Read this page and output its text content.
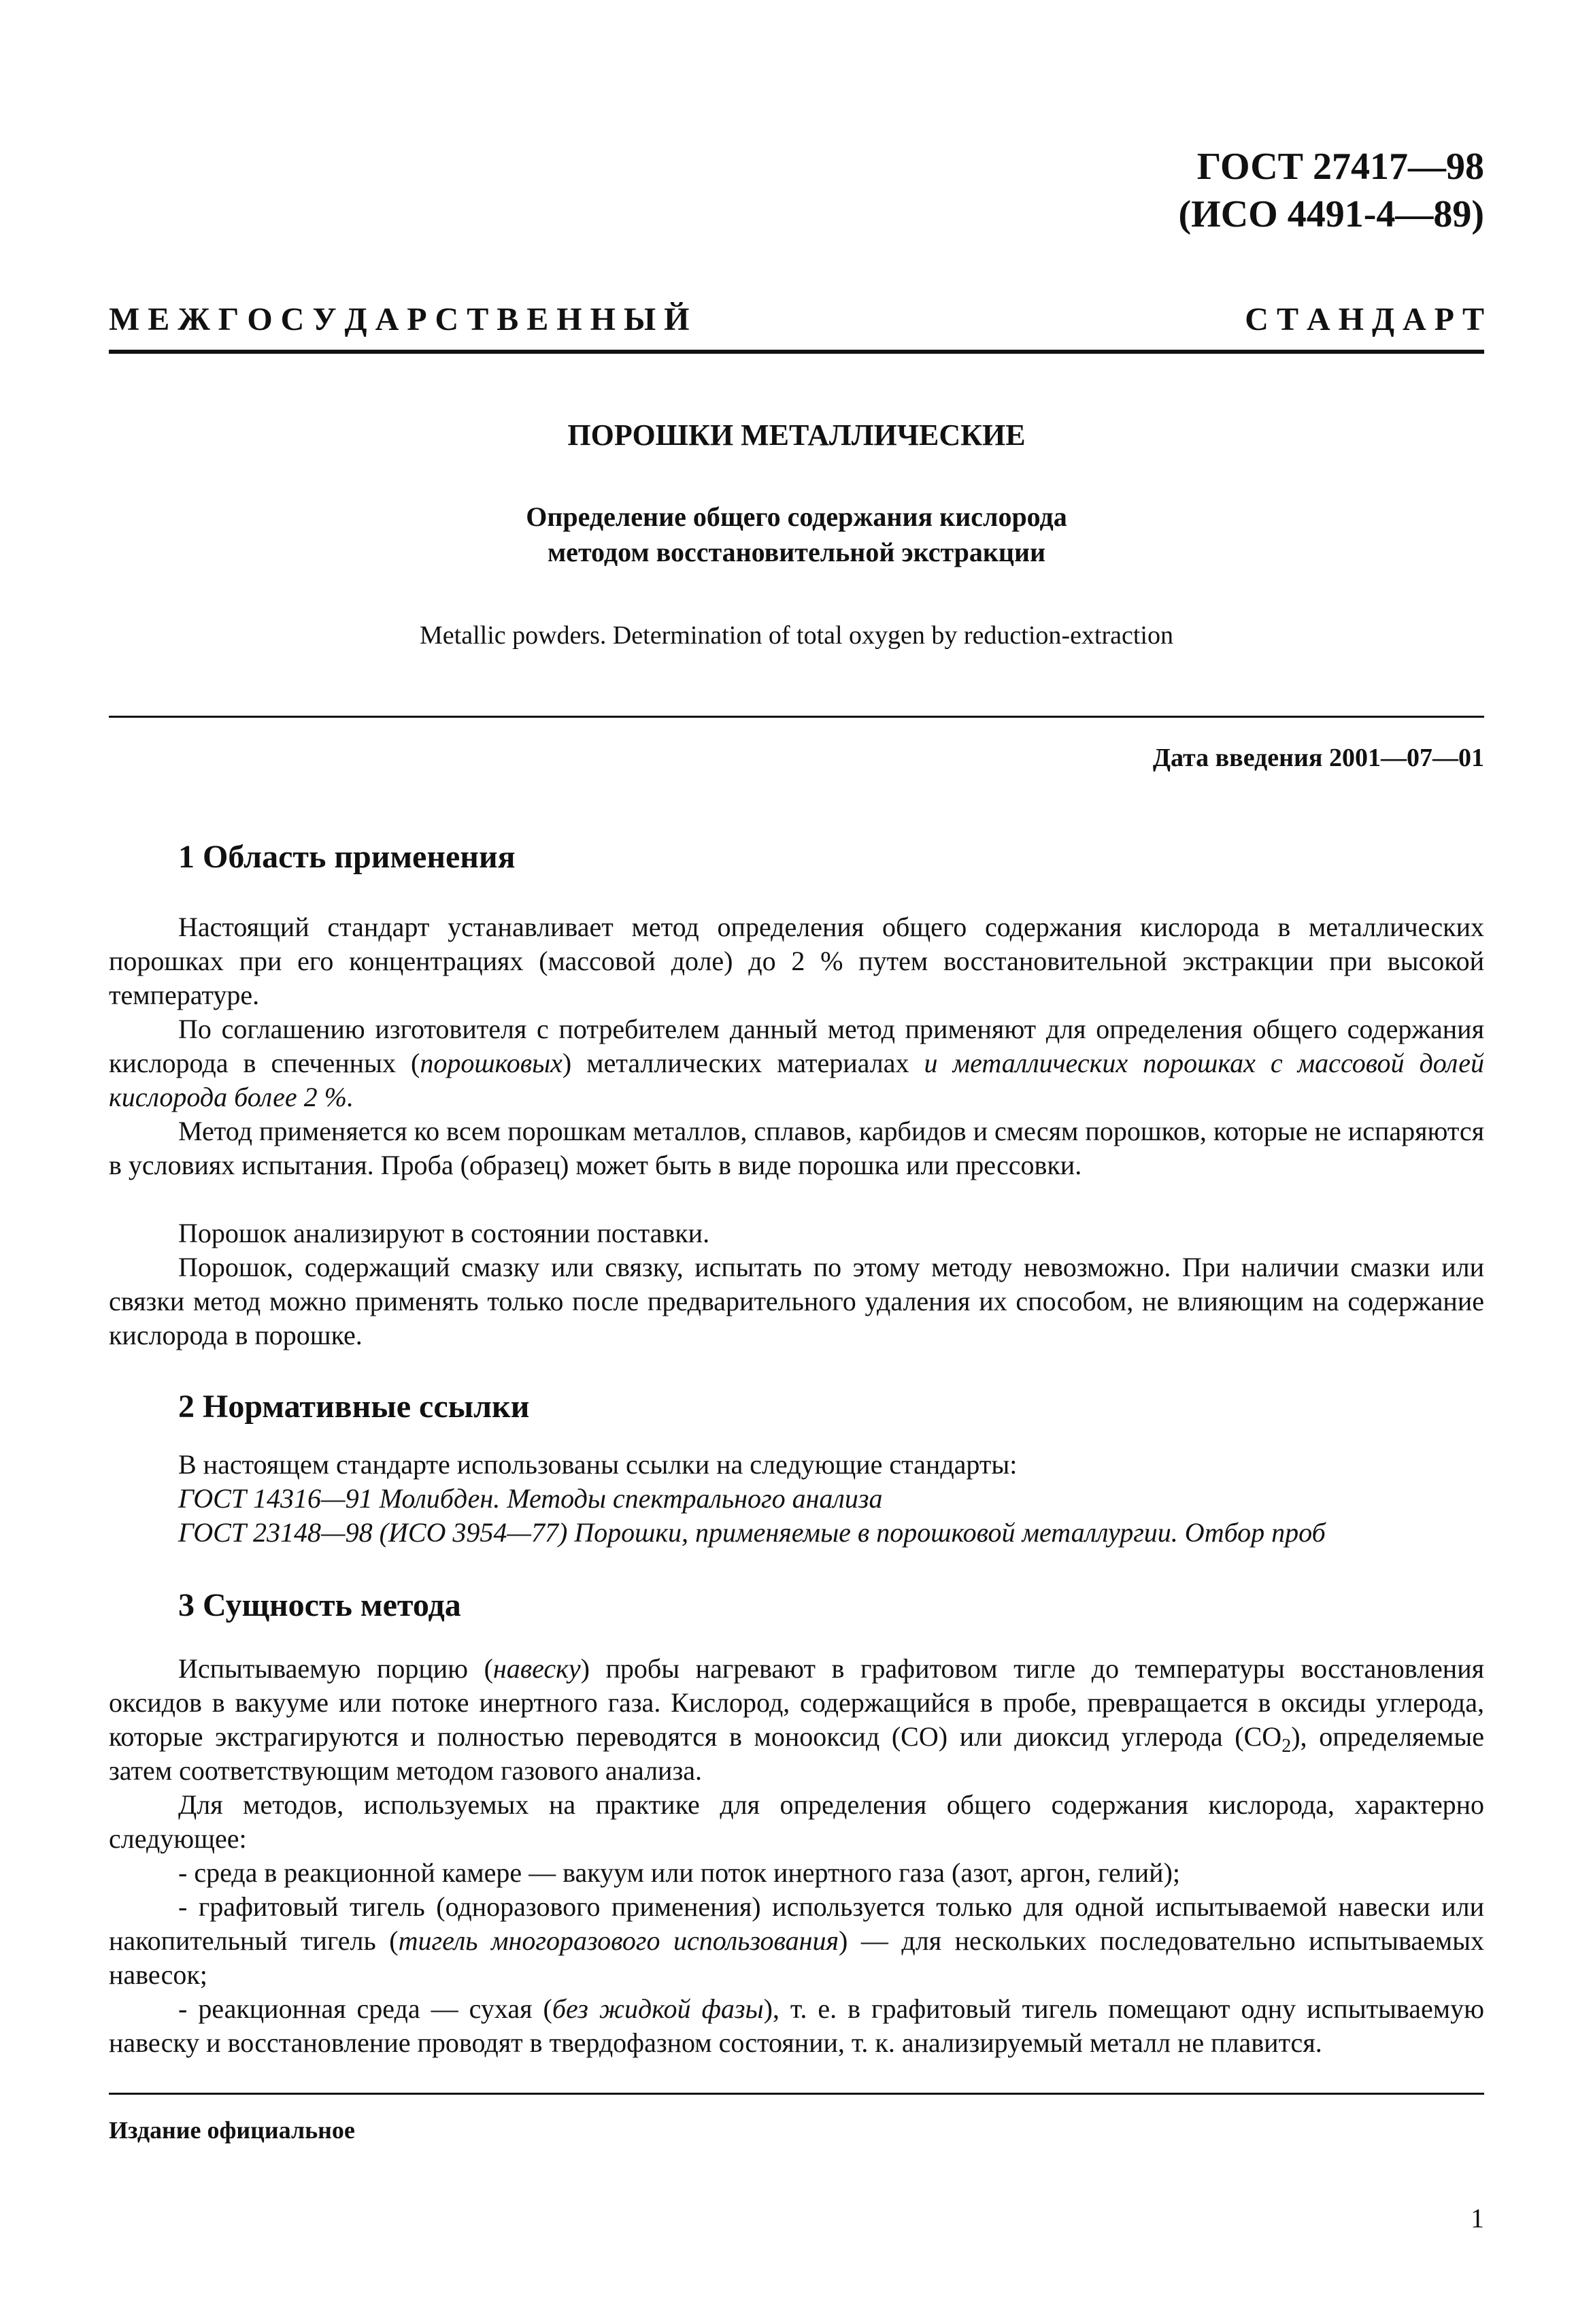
ГОСТ 27417—98
(ИСО 4491-4—89)
М Е Ж Г О С У Д А Р С Т В Е Н Н Ы Й	С Т А Н Д А Р Т
ПОРОШКИ МЕТАЛЛИЧЕСКИЕ
Определение общего содержания кислорода
методом восстановительной экстракции
Metallic powders. Determination of total oxygen by reduction-extraction
Дата введения 2001—07—01
1 Область применения
Настоящий стандарт устанавливает метод определения общего содержания кислорода в металлических порошках при его концентрациях (массовой доле) до 2 % путем восстановительной экстракции при высокой температуре.
По соглашению изготовителя с потребителем данный метод применяют для определения общего содержания кислорода в спеченных (порошковых) металлических материалах и металлических порошках с массовой долей кислорода более 2 %.
Метод применяется ко всем порошкам металлов, сплавов, карбидов и смесям порошков, которые не испаряются в условиях испытания. Проба (образец) может быть в виде порошка или прессовки.
Порошок анализируют в состоянии поставки.
Порошок, содержащий смазку или связку, испытать по этому методу невозможно. При наличии смазки или связки метод можно применять только после предварительного удаления их способом, не влияющим на содержание кислорода в порошке.
2 Нормативные ссылки
В настоящем стандарте использованы ссылки на следующие стандарты:
ГОСТ 14316—91 Молибден. Методы спектрального анализа
ГОСТ 23148—98 (ИСО 3954—77) Порошки, применяемые в порошковой металлургии. Отбор проб
3 Сущность метода
Испытываемую порцию (навеску) пробы нагревают в графитовом тигле до температуры восстановления оксидов в вакууме или потоке инертного газа. Кислород, содержащийся в пробе, превращается в оксиды углерода, которые экстрагируются и полностью переводятся в монооксид (СО) или диоксид углерода $(СО_2)$, определяемые затем соответствующим методом газового анализа.
Для методов, используемых на практике для определения общего содержания кислорода, характерно следующее:
- среда в реакционной камере — вакуум или поток инертного газа (азот, аргон, гелий);
- графитовый тигель (одноразового применения) используется только для одной испытываемой навески или накопительный тигель (тигель многоразового использования) — для нескольких последовательно испытываемых навесок;
- реакционная среда — сухая (без жидкой фазы), т. е. в графитовый тигель помещают одну испытываемую навеску и восстановление проводят в твердофазном состоянии, т. к. анализируемый металл не плавится.
Издание официальное
1
